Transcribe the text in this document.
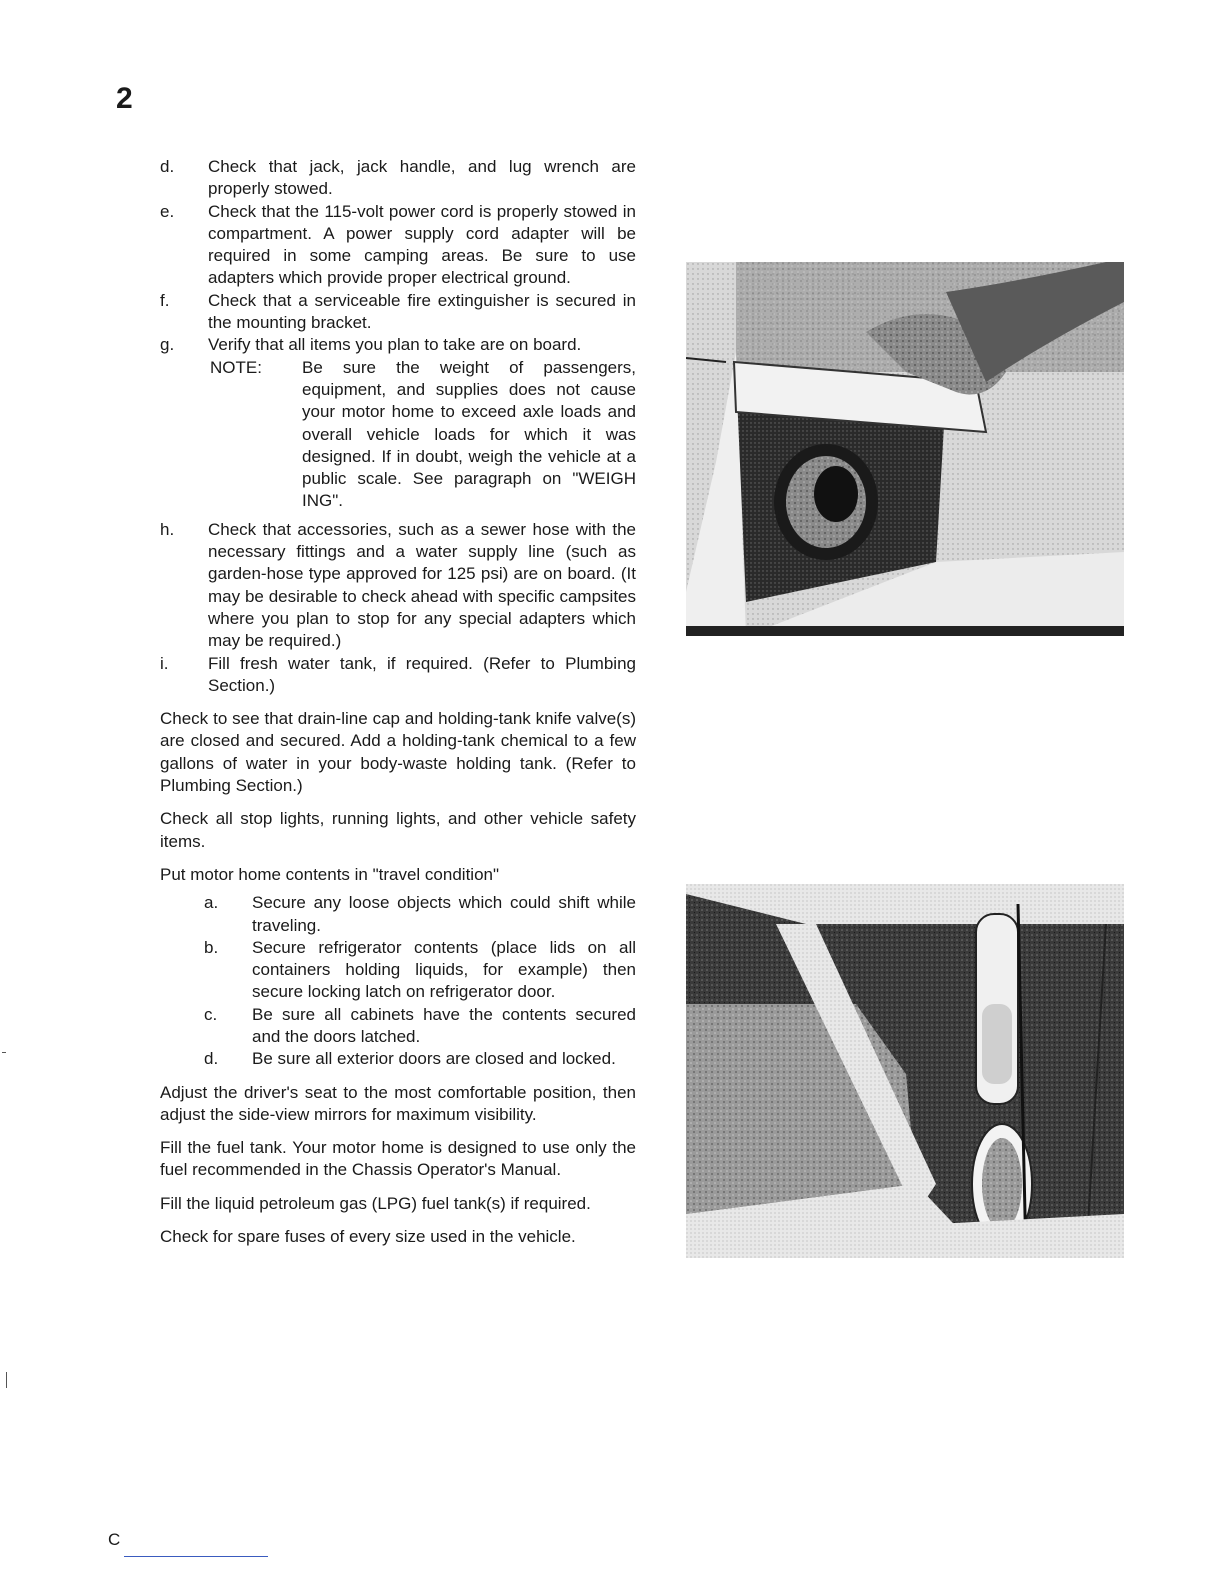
2
d.	Check that jack, jack handle, and lug wrench are properly stowed.
e.	Check that the 115-volt power cord is properly stowed in compartment. A power supply cord adapter will be required in some camping areas. Be sure to use adapters which provide proper electrical ground.
f.	Check that a serviceable fire extinguisher is secured in the mounting bracket.
g.	Verify that all items you plan to take are on board.
NOTE:	Be sure the weight of passengers, equipment, and supplies does not cause your motor home to exceed axle loads and overall vehicle loads for which it was designed. If in doubt, weigh the vehicle at a public scale. See paragraph on "WEIGH ING".
h.	Check that accessories, such as a sewer hose with the necessary fittings and a water supply line (such as garden-hose type approved for 125 psi) are on board. (It may be desirable to check ahead with specific campsites where you plan to stop for any special adapters which may be required.)
i.	Fill fresh water tank, if required. (Refer to Plumbing Section.)
Check to see that drain-line cap and holding-tank knife valve(s) are closed and secured. Add a holding-tank chemical to a few gallons of water in your body-waste holding tank. (Refer to Plumbing Section.)
Check all stop lights, running lights, and other vehicle safety items.
Put motor home contents in "travel condition"
a.	Secure any loose objects which could shift while traveling.
b.	Secure refrigerator contents (place lids on all containers holding liquids, for example) then secure locking latch on refrigerator door.
c.	Be sure all cabinets have the contents secured and the doors latched.
d.	Be sure all exterior doors are closed and locked.
Adjust the driver's seat to the most comfortable position, then adjust the side-view mirrors for maximum visibility.
Fill the fuel tank. Your motor home is designed to use only the fuel recommended in the Chassis Operator's Manual.
Fill the liquid petroleum gas (LPG) fuel tank(s) if required.
Check for spare fuses of every size used in the vehicle.
C
